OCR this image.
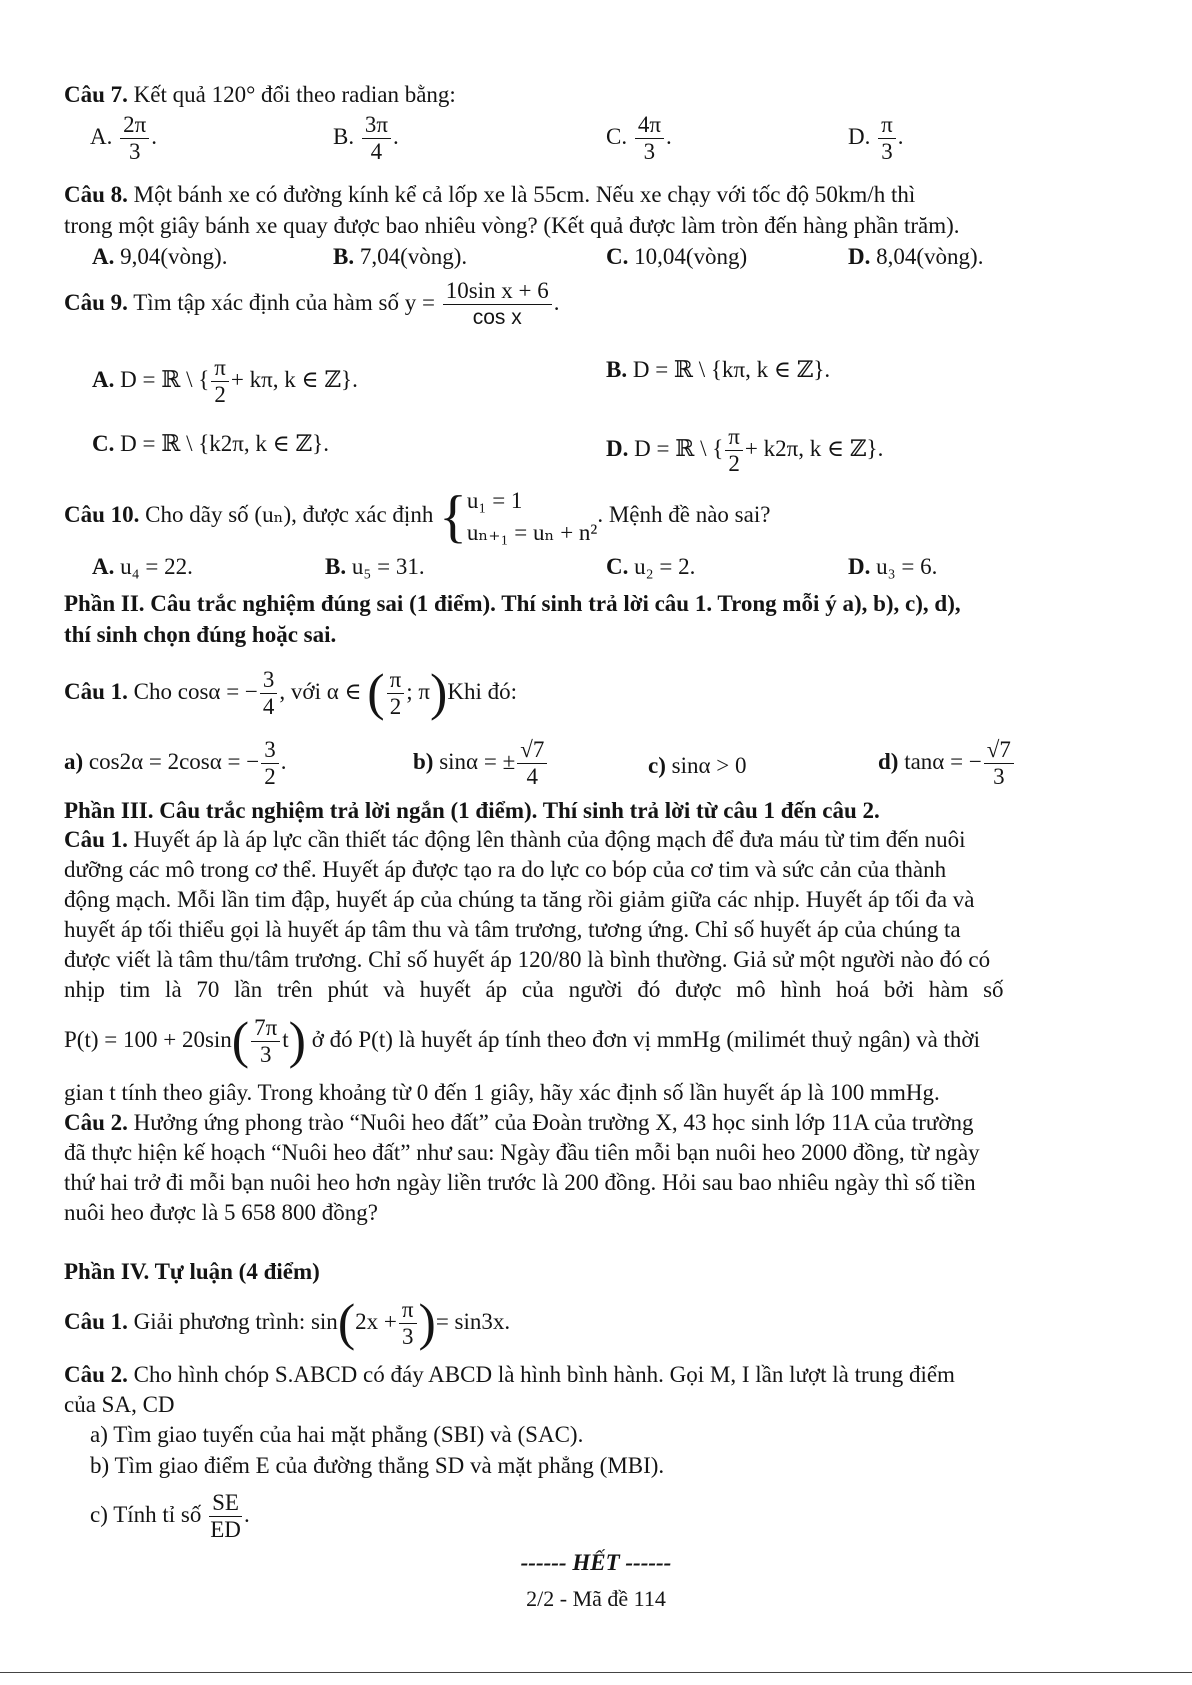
Câu 7. Kết quả 120° đổi theo radian bằng:
A. $\frac{2\pi}{3}$ .	B. $\frac{3\pi}{4}$ .	C. $\frac{4\pi}{3}$ .	D. $\frac{\pi}{3}$ .
Câu 8. Một bánh xe có đường kính kể cả lốp xe là 55cm. Nếu xe chạy với tốc độ 50km/h thì
trong một giây bánh xe quay được bao nhiêu vòng? (Kết quả được làm tròn đến hàng phần trăm).
A. 9,04(vòng).	B. 7,04(vòng).	C. 10,04(vòng)	D. 8,04(vòng).
Câu 9. Tìm tập xác định của hàm số $y = \frac{\text{10sin x + 6}}{\text{cos x}}$ .
A. D = ℝ \ { $\frac{\pi}{2} + k\pi$, k ∈ ℤ}.	B. D = ℝ \ {kπ, k ∈ ℤ}.
C. D = ℝ \ {k2π, k ∈ ℤ}.	D. D = ℝ \ { $\frac{\pi}{2} + k2\pi$, k ∈ ℤ}.
Câu 10. Cho dãy số (uₙ), được xác định { u₁ = 1
uₙ₊₁ = uₙ + n²
. Mệnh đề nào sai?
A. u₄ = 22.	B. u₅ = 31.	C. u₂ = 2.	D. u₃ = 6.
Phần II. Câu trắc nghiệm đúng sai (1 điểm). Thí sinh trả lời câu 1. Trong mỗi ý a), b), c), d),
thí sinh chọn đúng hoặc sai.
Câu 1. Cho cosα = − $\frac{3}{4}$ , với α ∈ ( $\frac{\pi}{2}$ ; π)Khi đó:
a) cos2α = 2cosα = − $\frac{3}{2}$ .	b) sinα = ± $\frac{√7}{4}$	c) sinα > 0	d) tanα = − $\frac{√7}{3}$
Phần III. Câu trắc nghiệm trả lời ngắn (1 điểm). Thí sinh trả lời từ câu 1 đến câu 2.
Câu 1. Huyết áp là áp lực cần thiết tác động lên thành của động mạch để đưa máu từ tim đến nuôi
dưỡng các mô trong cơ thể. Huyết áp được tạo ra do lực co bóp của cơ tim và sức cản của thành
động mạch. Mỗi lần tim đập, huyết áp của chúng ta tăng rồi giảm giữa các nhịp. Huyết áp tối đa và
huyết áp tối thiểu gọi là huyết áp tâm thu và tâm trương, tương ứng. Chỉ số huyết áp của chúng ta
được viết là tâm thu/tâm trương. Chỉ số huyết áp 120/80 là bình thường. Giả sử một người nào đó có
nhịp tim là 70 lần trên phút và huyết áp của người đó được mô hình hoá bởi hàm số
$P(t) = 100 + 20\sin( \frac{7\pi}{3} t)$ ở đó P(t) là huyết áp tính theo đơn vị mmHg (milimét thuỷ ngân) và thời
gian t tính theo giây. Trong khoảng từ 0 đến 1 giây, hãy xác định số lần huyết áp là 100 mmHg.
Câu 2. Hưởng ứng phong trào “Nuôi heo đất” của Đoàn trường X, 43 học sinh lớp 11A của trường
đã thực hiện kế hoạch “Nuôi heo đất” như sau: Ngày đầu tiên mỗi bạn nuôi heo 2000 đồng, từ ngày
thứ hai trở đi mỗi bạn nuôi heo hơn ngày liền trước là 200 đồng. Hỏi sau bao nhiêu ngày thì số tiền
nuôi heo được là 5 658 800 đồng?
Phần IV. Tự luận (4 điểm)
Câu 1. Giải phương trình: $\sin(2x + \frac{\pi}{3}$ )= sin3x.
Câu 2. Cho hình chóp S.ABCD có đáy ABCD là hình bình hành. Gọi M, I lần lượt là trung điểm
của SA, CD
a) Tìm giao tuyến của hai mặt phẳng (SBI) và (SAC).
b) Tìm giao điểm E của đường thẳng SD và mặt phẳng (MBI).
c) Tính tỉ số $\frac{SE}{ED}$ .
------ HẾT ------
2/2 - Mã đề 114
